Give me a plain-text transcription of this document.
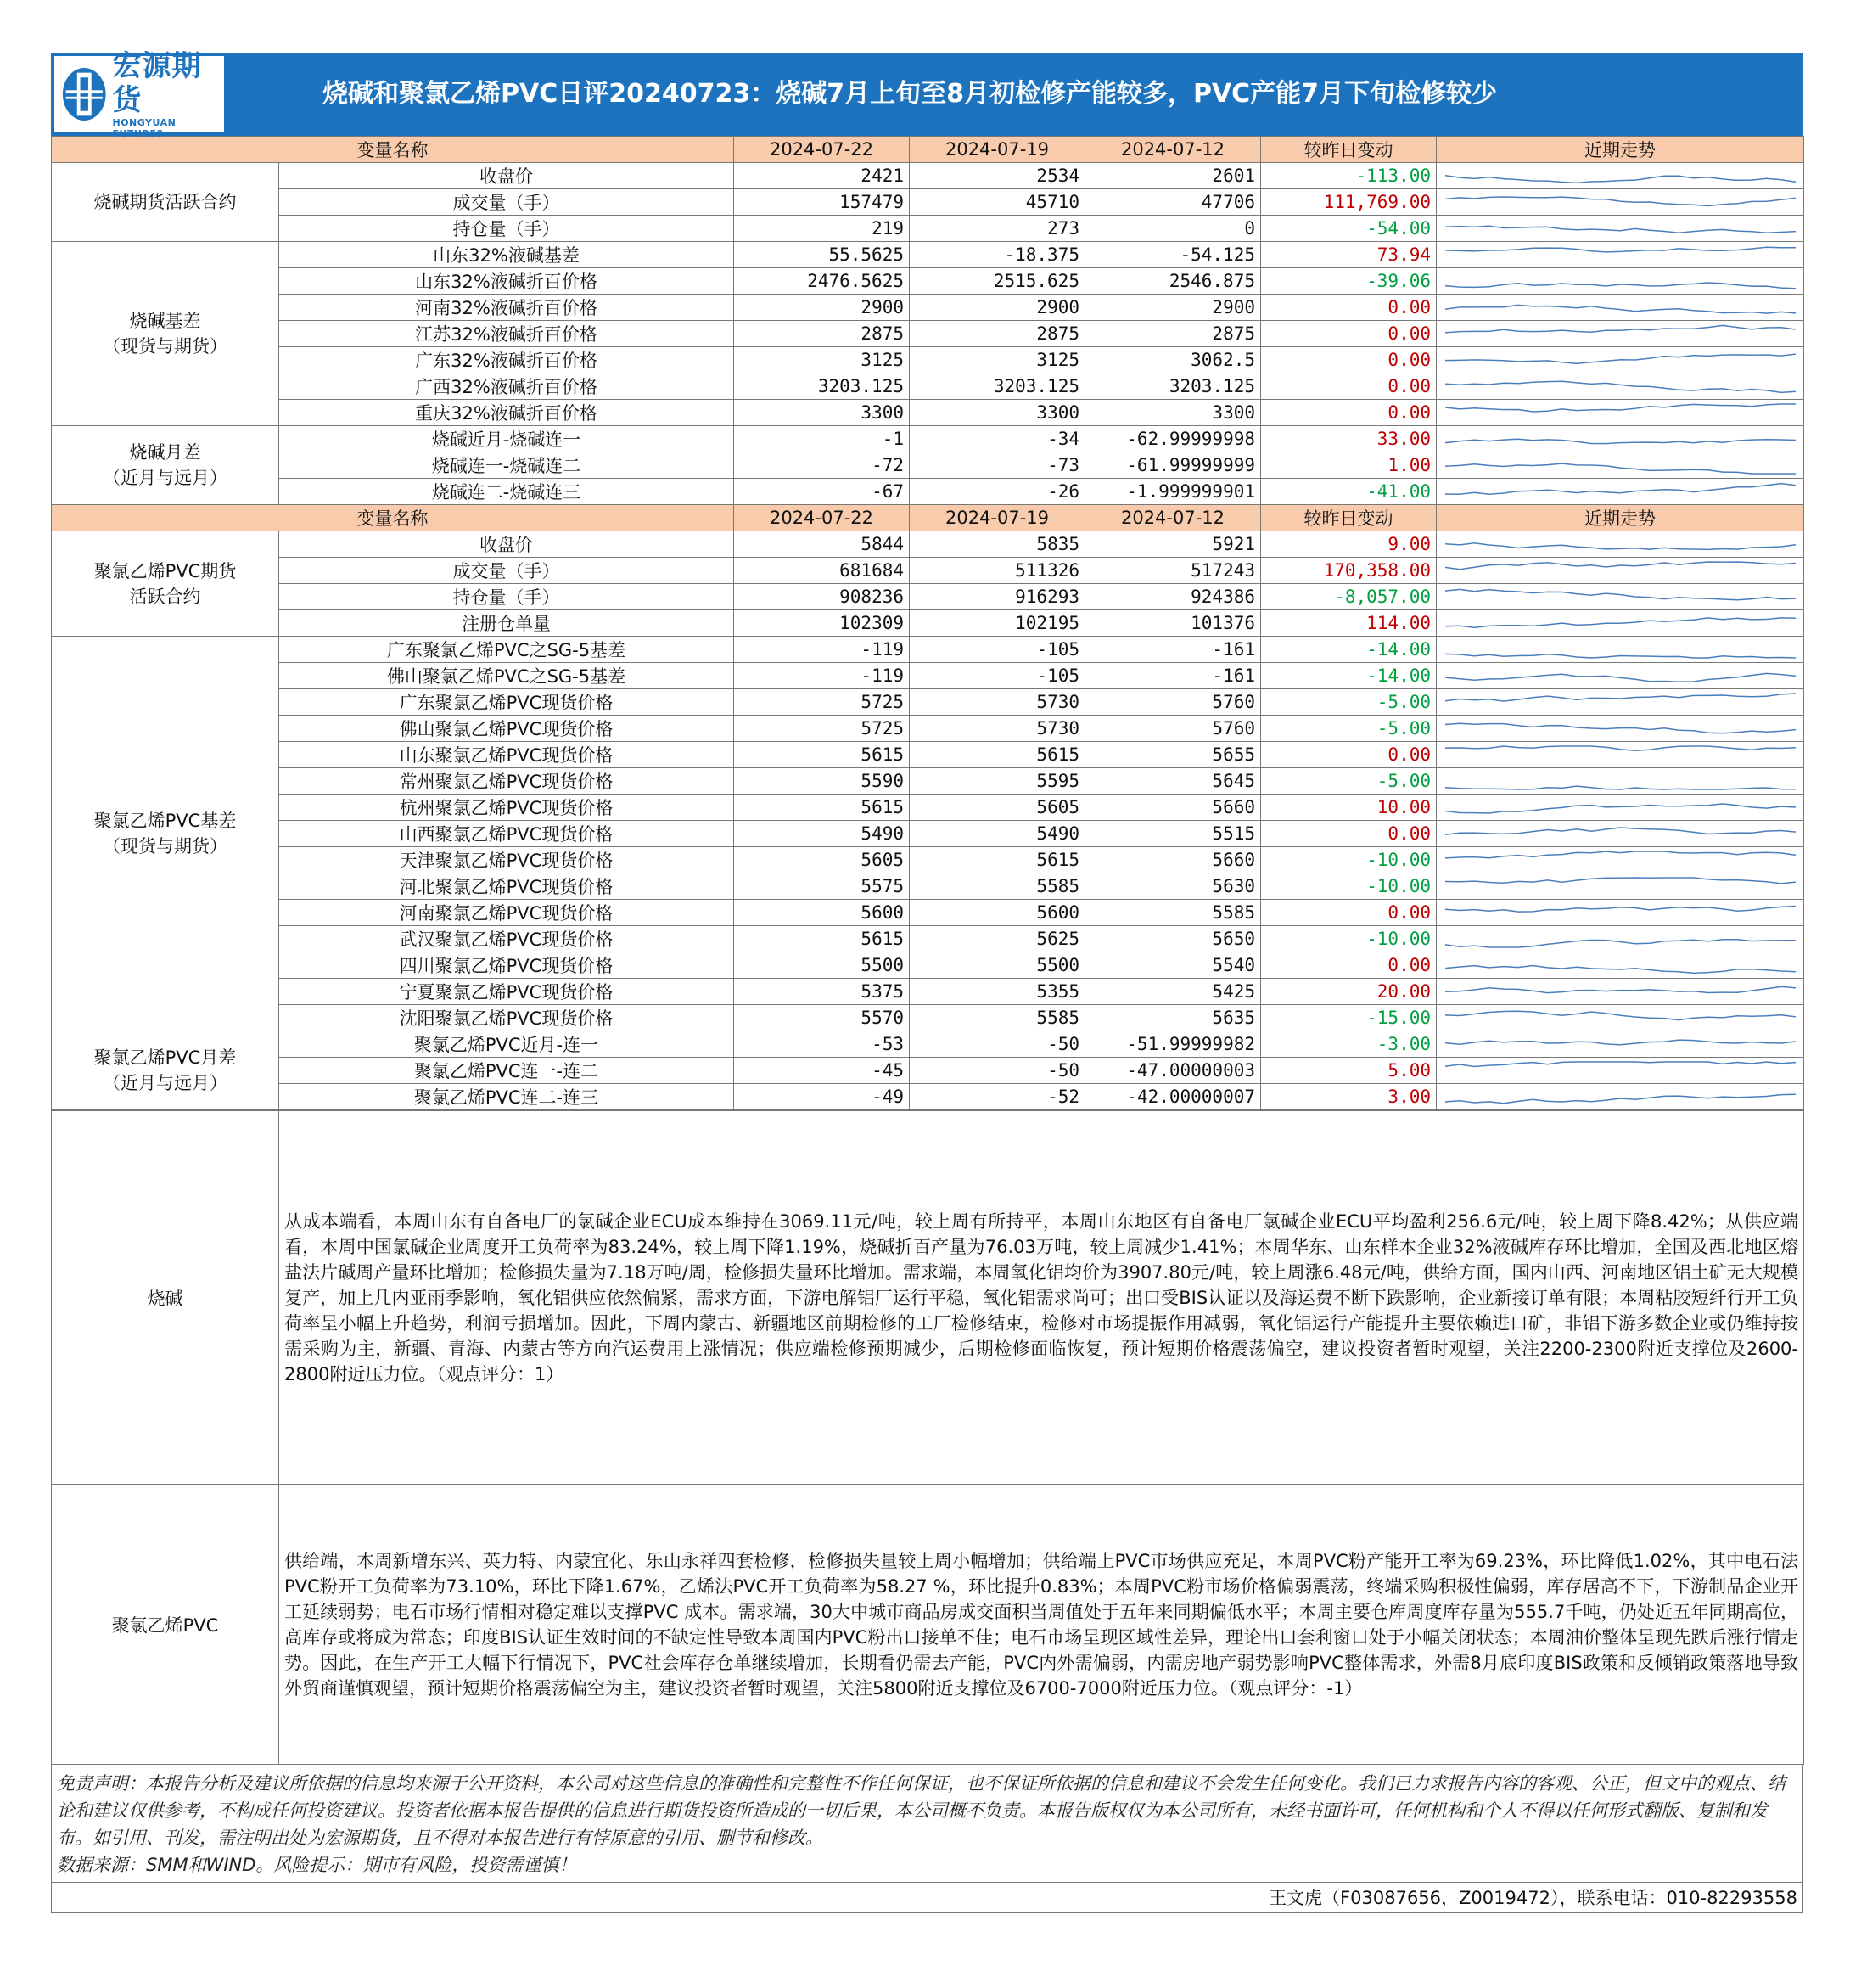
宏源期货
HONGYUAN FUTURES
烧碱和聚氯乙烯PVC日评20240723：烧碱7月上旬至8月初检修产能较多，PVC产能7月下旬检修较少
变量名称		2024-07-22	2024-07-19	2024-07-12	较昨日变动	近期走势

烧碱期货活跃合约	收盘价	2421	2534	2601	-113.00	

	成交量（手）	157479	45710	47706	111,769.00	

	持仓量（手）	219	273	0	-54.00	

烧碱基差
（现货与期货）	山东32%液碱基差	55.5625	-18.375	-54.125	73.94	

	山东32%液碱折百价格	2476.5625	2515.625	2546.875	-39.06	

	河南32%液碱折百价格	2900	2900	2900	0.00	

	江苏32%液碱折百价格	2875	2875	2875	0.00	

	广东32%液碱折百价格	3125	3125	3062.5	0.00	

	广西32%液碱折百价格	3203.125	3203.125	3203.125	0.00	

	重庆32%液碱折百价格	3300	3300	3300	0.00	

烧碱月差
（近月与远月）	烧碱近月-烧碱连一	-1	-34	-62.99999998	33.00	

	烧碱连一-烧碱连二	-72	-73	-61.99999999	1.00	

	烧碱连二-烧碱连三	-67	-26	-1.999999901	-41.00	

变量名称		2024-07-22	2024-07-19	2024-07-12	较昨日变动	近期走势

聚氯乙烯PVC期货
活跃合约	收盘价	5844	5835	5921	9.00	

	成交量（手）	681684	511326	517243	170,358.00	

	持仓量（手）	908236	916293	924386	-8,057.00	

	注册仓单量	102309	102195	101376	114.00	

聚氯乙烯PVC基差
（现货与期货）	广东聚氯乙烯PVC之SG-5基差	-119	-105	-161	-14.00	

	佛山聚氯乙烯PVC之SG-5基差	-119	-105	-161	-14.00	

	广东聚氯乙烯PVC现货价格	5725	5730	5760	-5.00	

	佛山聚氯乙烯PVC现货价格	5725	5730	5760	-5.00	

	山东聚氯乙烯PVC现货价格	5615	5615	5655	0.00	

	常州聚氯乙烯PVC现货价格	5590	5595	5645	-5.00	

	杭州聚氯乙烯PVC现货价格	5615	5605	5660	10.00	

	山西聚氯乙烯PVC现货价格	5490	5490	5515	0.00	

	天津聚氯乙烯PVC现货价格	5605	5615	5660	-10.00	

	河北聚氯乙烯PVC现货价格	5575	5585	5630	-10.00	

	河南聚氯乙烯PVC现货价格	5600	5600	5585	0.00	

	武汉聚氯乙烯PVC现货价格	5615	5625	5650	-10.00	

	四川聚氯乙烯PVC现货价格	5500	5500	5540	0.00	

	宁夏聚氯乙烯PVC现货价格	5375	5355	5425	20.00	

	沈阳聚氯乙烯PVC现货价格	5570	5585	5635	-15.00	

聚氯乙烯PVC月差
（近月与远月）	聚氯乙烯PVC近月-连一	-53	-50	-51.99999982	-3.00	

	聚氯乙烯PVC连一-连二	-45	-50	-47.00000003	5.00	

	聚氯乙烯PVC连二-连三	-49	-52	-42.00000007	3.00	
烧碱	从成本端看，本周山东有自备电厂的氯碱企业ECU成本维持在3069.11元/吨，较上周有所持平，本周山东地区有自备电厂氯碱企业ECU平均盈利256.6元/吨，较上周下降8.42%；从供应端看，本周中国氯碱企业周度开工负荷率为83.24%，较上周下降1.19%，烧碱折百产量为76.03万吨，较上周减少1.41%；本周华东、山东样本企业32%液碱库存环比增加，全国及西北地区熔盐法片碱周产量环比增加；检修损失量为7.18万吨/周，检修损失量环比增加。需求端，本周氧化铝均价为3907.80元/吨，较上周涨6.48元/吨，供给方面，国内山西、河南地区铝土矿无大规模复产，加上几内亚雨季影响，氧化铝供应依然偏紧，需求方面，下游电解铝厂运行平稳，氧化铝需求尚可；出口受BIS认证以及海运费不断下跌影响，企业新接订单有限；本周粘胶短纤行开工负荷率呈小幅上升趋势，利润亏损增加。因此，下周内蒙古、新疆地区前期检修的工厂检修结束，检修对市场提振作用减弱，氧化铝运行产能提升主要依赖进口矿，非铝下游多数企业或仍维持按需采购为主，新疆、青海、内蒙古等方向汽运费用上涨情况；供应端检修预期减少，后期检修面临恢复，预计短期价格震荡偏空，建议投资者暂时观望，关注2200-2300附近支撑位及2600-2800附近压力位。（观点评分：1）
聚氯乙烯PVC	供给端，本周新增东兴、英力特、内蒙宜化、乐山永祥四套检修，检修损失量较上周小幅增加；供给端上PVC市场供应充足，本周PVC粉产能开工率为69.23%，环比降低1.02%，其中电石法PVC粉开工负荷率为73.10%，环比下降1.67%，乙烯法PVC开工负荷率为58.27 %，环比提升0.83%；本周PVC粉市场价格偏弱震荡，终端采购积极性偏弱，库存居高不下，下游制品企业开工延续弱势；电石市场行情相对稳定难以支撑PVC 成本。需求端，30大中城市商品房成交面积当周值处于五年来同期偏低水平；本周主要仓库周度库存量为555.7千吨，仍处近五年同期高位，高库存或将成为常态；印度BIS认证生效时间的不缺定性导致本周国内PVC粉出口接单不佳；电石市场呈现区域性差异，理论出口套利窗口处于小幅关闭状态；本周油价整体呈现先跌后涨行情走势。因此，在生产开工大幅下行情况下，PVC社会库存仓单继续增加，长期看仍需去产能，PVC内外需偏弱，内需房地产弱势影响PVC整体需求，外需8月底印度BIS政策和反倾销政策落地导致外贸商谨慎观望，预计短期价格震荡偏空为主，建议投资者暂时观望，关注5800附近支撑位及6700-7000附近压力位。（观点评分：-1）
免责声明：本报告分析及建议所依据的信息均来源于公开资料，本公司对这些信息的准确性和完整性不作任何保证，也不保证所依据的信息和建议不会发生任何变化。我们已力求报告内容的客观、公正，但文中的观点、结论和建议仅供参考，不构成任何投资建议。投资者依据本报告提供的信息进行期货投资所造成的一切后果，本公司概不负责。本报告版权仅为本公司所有，未经书面许可，任何机构和个人不得以任何形式翻版、复制和发布。如引用、刊发，需注明出处为宏源期货，且不得对本报告进行有悖原意的引用、删节和修改。
数据来源：SMM和WIND。风险提示：期市有风险，投资需谨慎！
王文虎（F03087656，Z0019472），联系电话：010-82293558
